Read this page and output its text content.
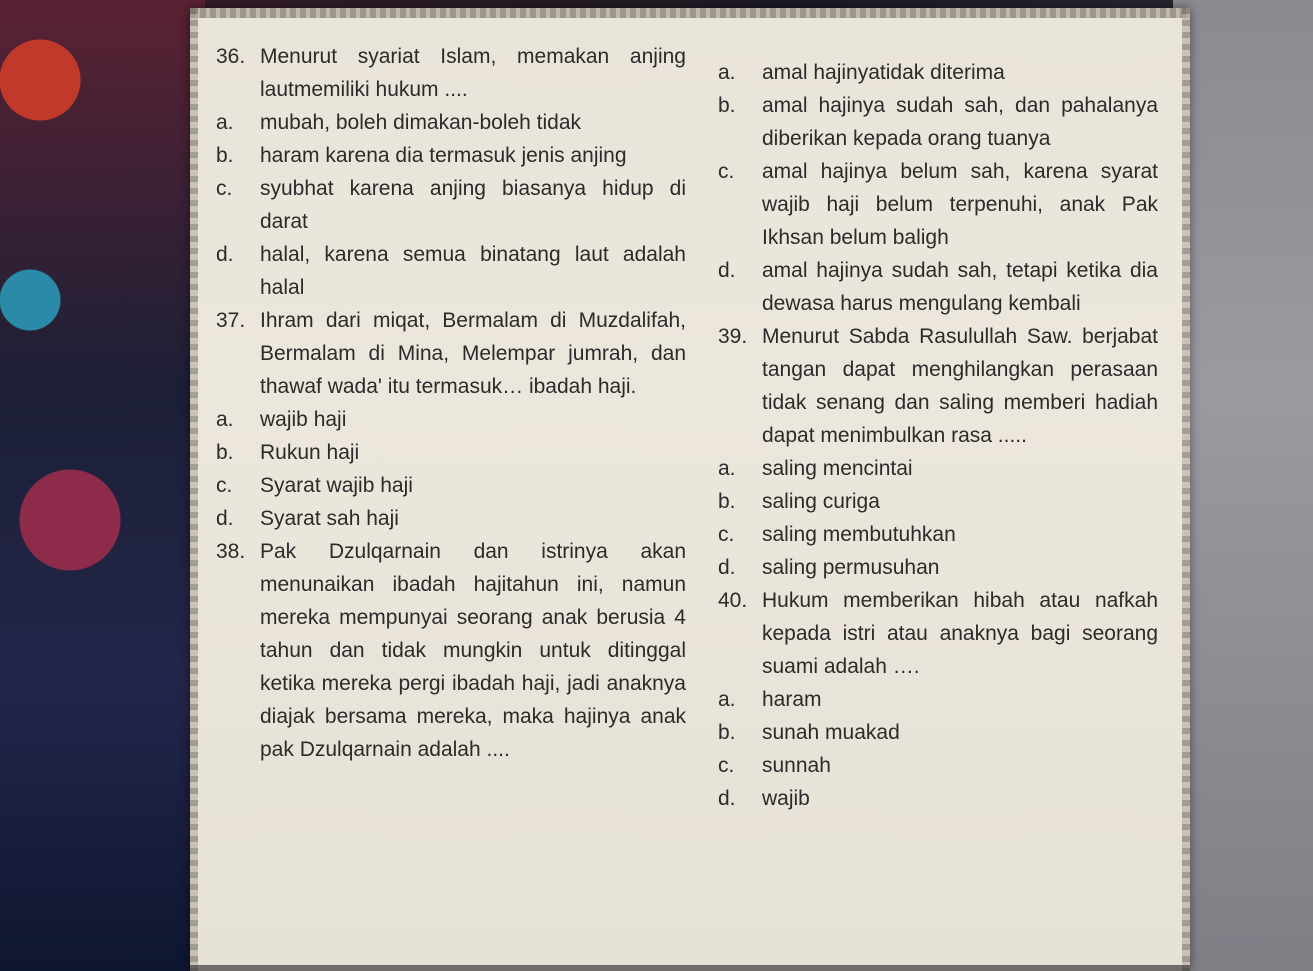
36. Menurut syariat Islam, memakan anjing lautmemiliki hukum ....
a. mubah, boleh dimakan-boleh tidak
b. haram karena dia termasuk jenis anjing
c. syubhat karena anjing biasanya hidup di darat
d. halal, karena semua binatang laut adalah halal
37. Ihram dari miqat, Bermalam di Muzdalifah, Bermalam di Mina, Melempar jumrah, dan thawaf wada' itu termasuk… ibadah haji.
a. wajib haji
b. Rukun haji
c. Syarat wajib haji
d. Syarat sah haji
38. Pak Dzulqarnain dan istrinya akan menunaikan ibadah hajitahun ini, namun mereka mempunyai seorang anak berusia 4 tahun dan tidak mungkin untuk ditinggal ketika mereka pergi ibadah haji, jadi anaknya diajak bersama mereka, maka hajinya anak pak Dzulqarnain adalah ....
a. amal hajinyatidak diterima
b. amal hajinya sudah sah, dan pahalanya diberikan kepada orang tuanya
c. amal hajinya belum sah, karena syarat wajib haji belum terpenuhi, anak Pak Ikhsan belum baligh
d. amal hajinya sudah sah, tetapi ketika dia dewasa harus mengulang kembali
39. Menurut Sabda Rasulullah Saw. berjabat tangan dapat menghilangkan perasaan tidak senang dan saling memberi hadiah dapat menimbulkan rasa .....
a. saling mencintai
b. saling curiga
c. saling membutuhkan
d. saling permusuhan
40. Hukum memberikan hibah atau nafkah kepada istri atau anaknya bagi seorang suami adalah ….
a. haram
b. sunah muakad
c. sunnah
d. wajib
